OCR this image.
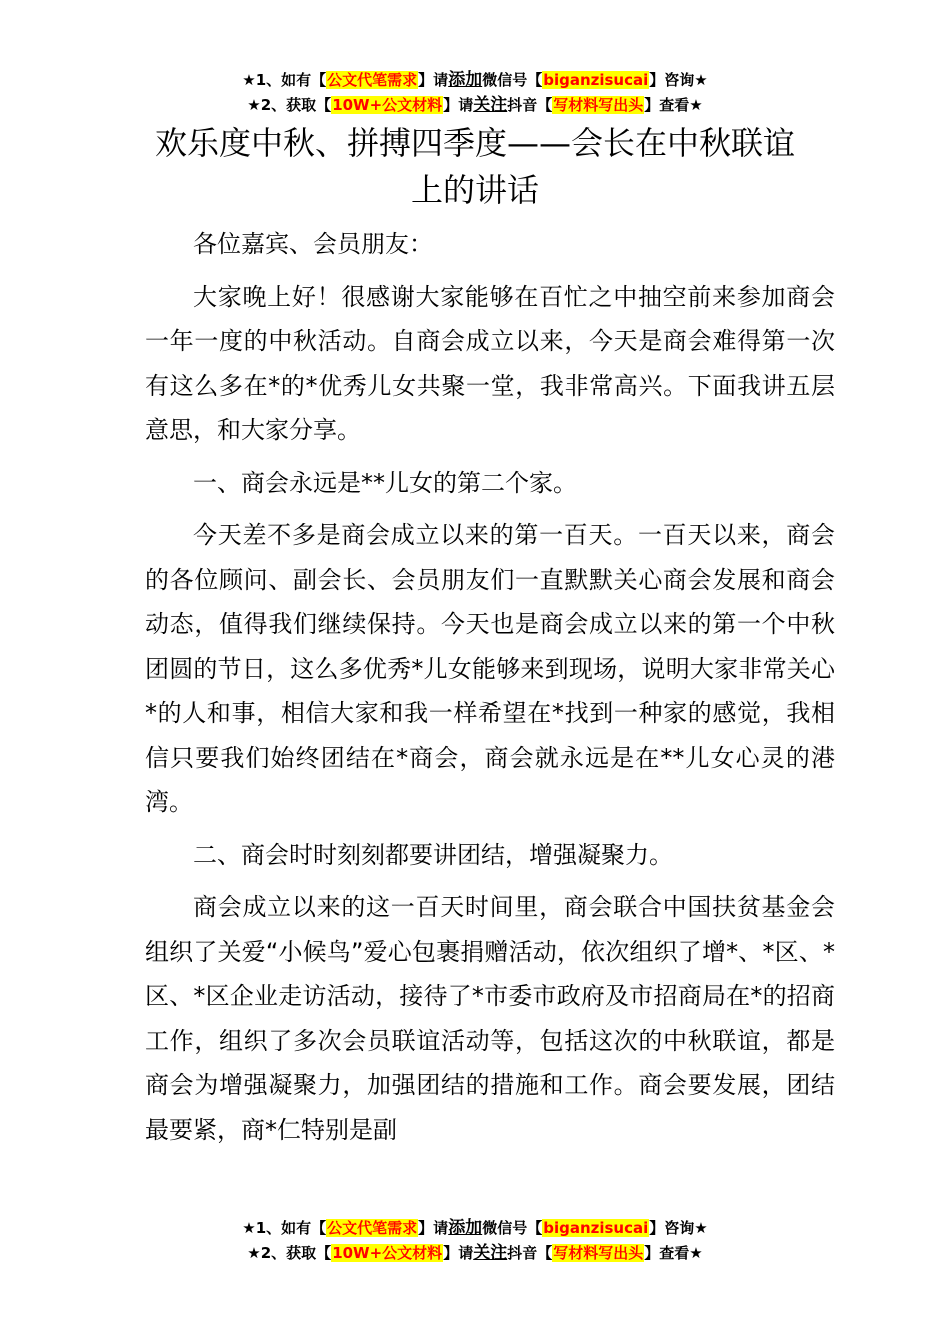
★1、如有【公文代笔需求】请添加微信号【biganzisucai】咨询★
★2、获取【10W+公文材料】请关注抖音【写材料写出头】查看★
欢乐度中秋、拼搏四季度——会长在中秋联谊上的讲话

各位嘉宾、会员朋友：

大家晚上好！很感谢大家能够在百忙之中抽空前来参加商会一年一度的中秋活动。自商会成立以来，今天是商会难得第一次有这么多在*的*优秀儿女共聚一堂，我非常高兴。下面我讲五层意思，和大家分享。

一、商会永远是**儿女的第二个家。

今天差不多是商会成立以来的第一百天。一百天以来，商会的各位顾问、副会长、会员朋友们一直默默关心商会发展和商会动态，值得我们继续保持。今天也是商会成立以来的第一个中秋团圆的节日，这么多优秀*儿女能够来到现场，说明大家非常关心*的人和事，相信大家和我一样希望在*找到一种家的感觉，我相信只要我们始终团结在*商会，商会就永远是在**儿女心灵的港湾。

二、商会时时刻刻都要讲团结，增强凝聚力。

商会成立以来的这一百天时间里，商会联合中国扶贫基金会组织了关爱“小候鸟”爱心包裹捐赠活动，依次组织了增*、*区、*区、*区企业走访活动，接待了*市委市政府及市招商局在*的招商工作，组织了多次会员联谊活动等，包括这次的中秋联谊，都是商会为增强凝聚力，加强团结的措施和工作。商会要发展，团结最要紧，商*仁特别是副

★1、如有【公文代笔需求】请添加微信号【biganzisucai】咨询★
★2、获取【10W+公文材料】请关注抖音【写材料写出头】查看★
